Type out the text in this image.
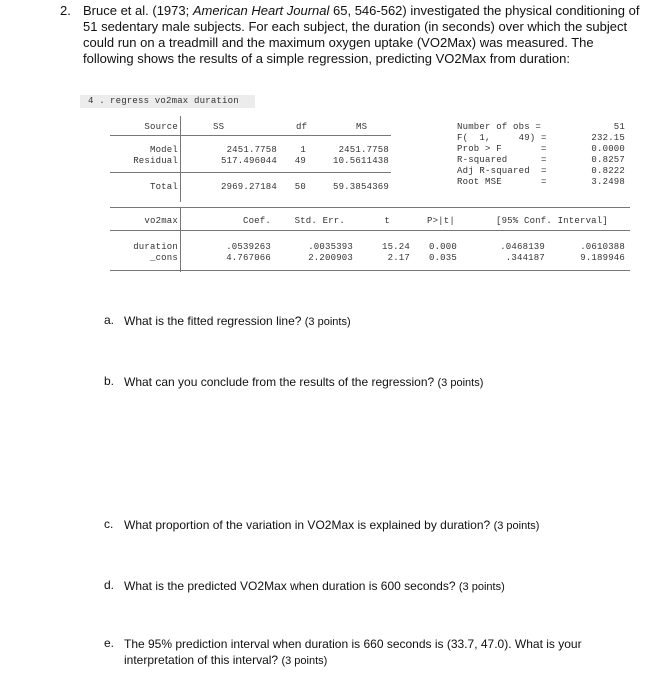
2. Bruce et al. (1973; American Heart Journal 65, 546-562) investigated the physical conditioning of 51 sedentary male subjects. For each subject, the duration (in seconds) over which the subject could run on a treadmill and the maximum oxygen uptake (VO2Max) was measured. The following shows the results of a simple regression, predicting VO2Max from duration:

4 . regress vo2max duration
Source	SS	df	MS
Model	2451.7758	1	2451.7758
Residual	517.496044 49	10.5611438
Total	2969.27184 50	59.3854369
Number of obs =	51
F(  1,     49) =	232.15
Prob > F       =	0.0000
R-squared      =	0.8257
Adj R-squared  =	0.8222
Root MSE       =	3.2498
vo2max	Coef.	Std. Err.	t	P>|t|	[95% Conf. Interval]
duration	.0539263	.0035393	15.24 0.000	.0468139	.0610388
_cons	4.767066	2.200903	2.17 0.035	.344187	9.189946
a. What is the fitted regression line? (3 points)
b. What can you conclude from the results of the regression? (3 points)
c. What proportion of the variation in VO2Max is explained by duration? (3 points)
d. What is the predicted VO2Max when duration is 600 seconds? (3 points)
e. The 95% prediction interval when duration is 660 seconds is (33.7, 47.0). What is your interpretation of this interval? (3 points)
